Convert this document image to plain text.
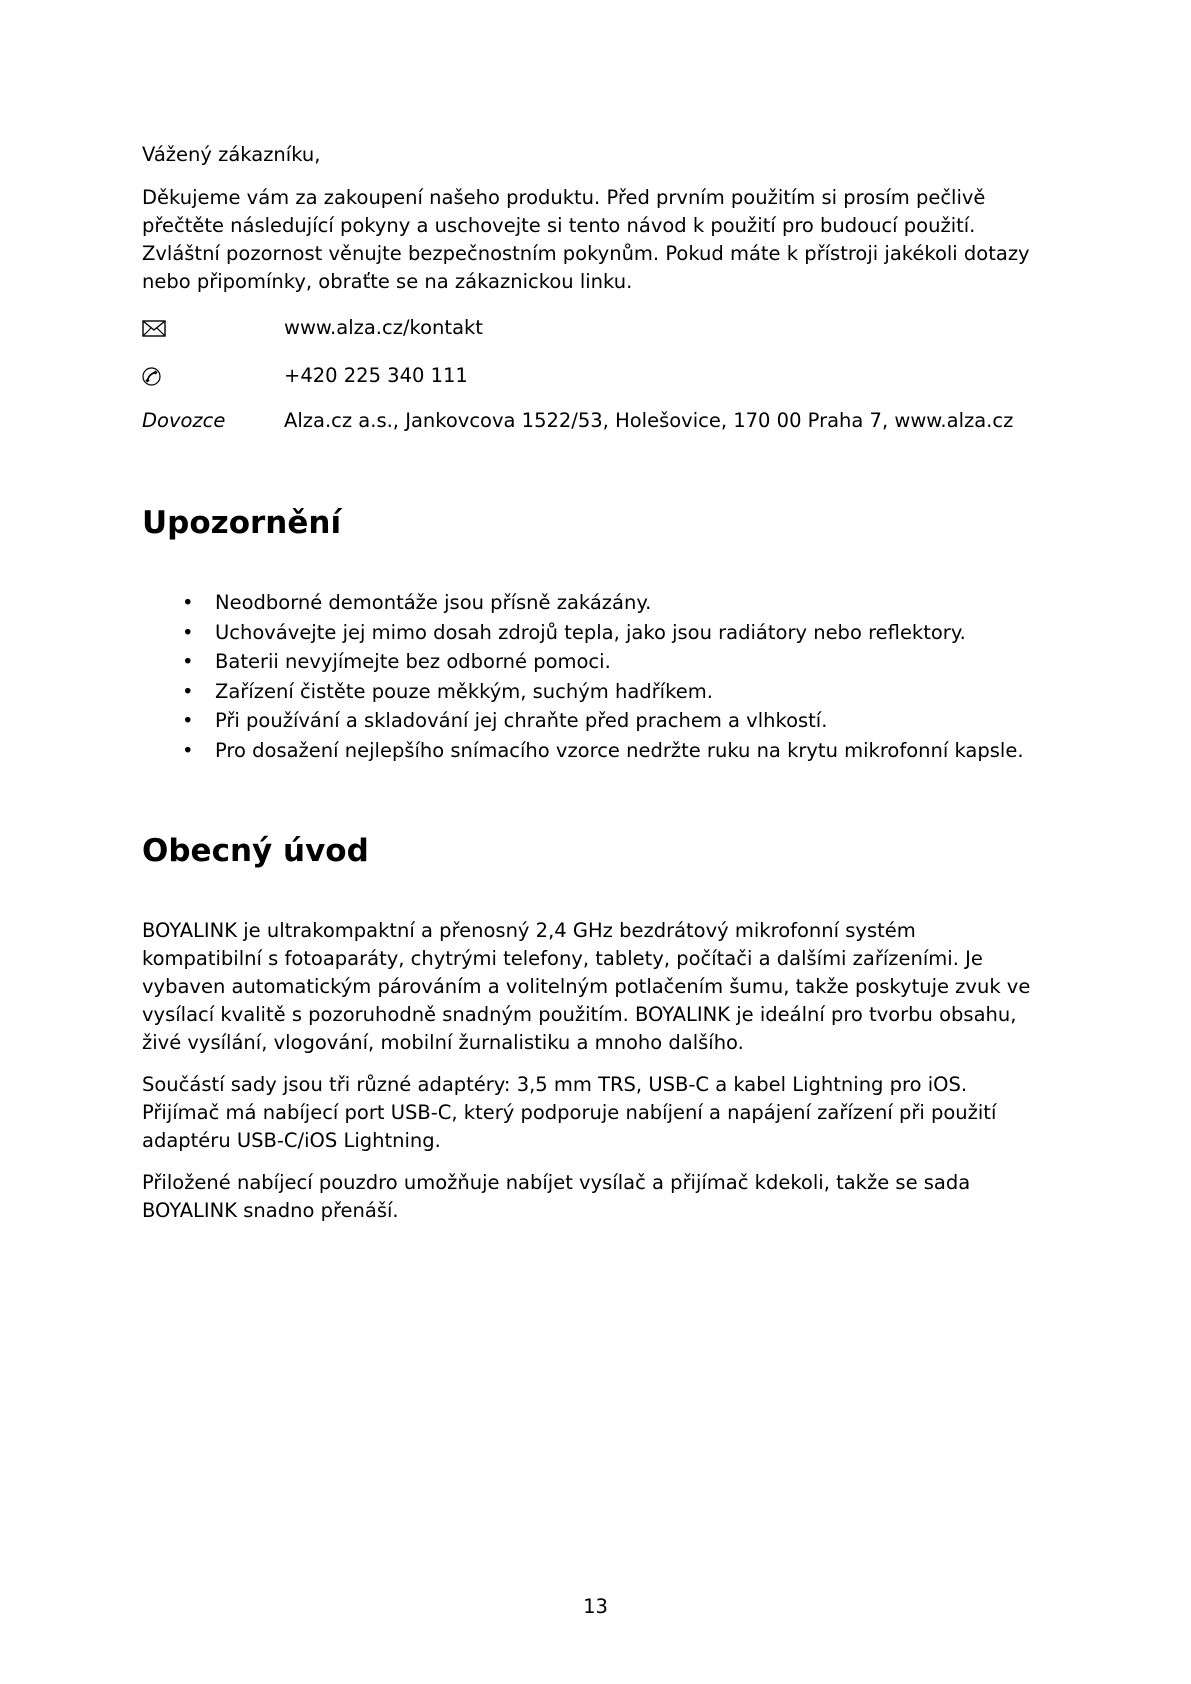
Vážený zákazníku,

Děkujeme vám za zakoupení našeho produktu. Před prvním použitím si prosím pečlivě
přečtěte následující pokyny a uschovejte si tento návod k použití pro budoucí použití.
Zvláštní pozornost věnujte bezpečnostním pokynům. Pokud máte k přístroji jakékoli dotazy
nebo připomínky, obraťte se na zákaznickou linku.

www.alza.cz/kontakt
+420 225 340 111
Dovozce	Alza.cz a.s., Jankovcova 1522/53, Holešovice, 170 00 Praha 7, www.alza.cz
Upozornění
• Neodborné demontáže jsou přísně zakázány.
• Uchovávejte jej mimo dosah zdrojů tepla, jako jsou radiátory nebo reflektory.
• Baterii nevyjímejte bez odborné pomoci.
• Zařízení čistěte pouze měkkým, suchým hadříkem.
• Při používání a skladování jej chraňte před prachem a vlhkostí.
• Pro dosažení nejlepšího snímacího vzorce nedržte ruku na krytu mikrofonní kapsle.
Obecný úvod

BOYALINK je ultrakompaktní a přenosný 2,4 GHz bezdrátový mikrofonní systém
kompatibilní s fotoaparáty, chytrými telefony, tablety, počítači a dalšími zařízeními. Je
vybaven automatickým párováním a volitelným potlačením šumu, takže poskytuje zvuk ve
vysílací kvalitě s pozoruhodně snadným použitím. BOYALINK je ideální pro tvorbu obsahu,
živé vysílání, vlogování, mobilní žurnalistiku a mnoho dalšího.

Součástí sady jsou tři různé adaptéry: 3,5 mm TRS, USB-C a kabel Lightning pro iOS.
Přijímač má nabíjecí port USB-C, který podporuje nabíjení a napájení zařízení při použití
adaptéru USB-C/iOS Lightning.

Přiložené nabíjecí pouzdro umožňuje nabíjet vysílač a přijímač kdekoli, takže se sada
BOYALINK snadno přenáší.

13
